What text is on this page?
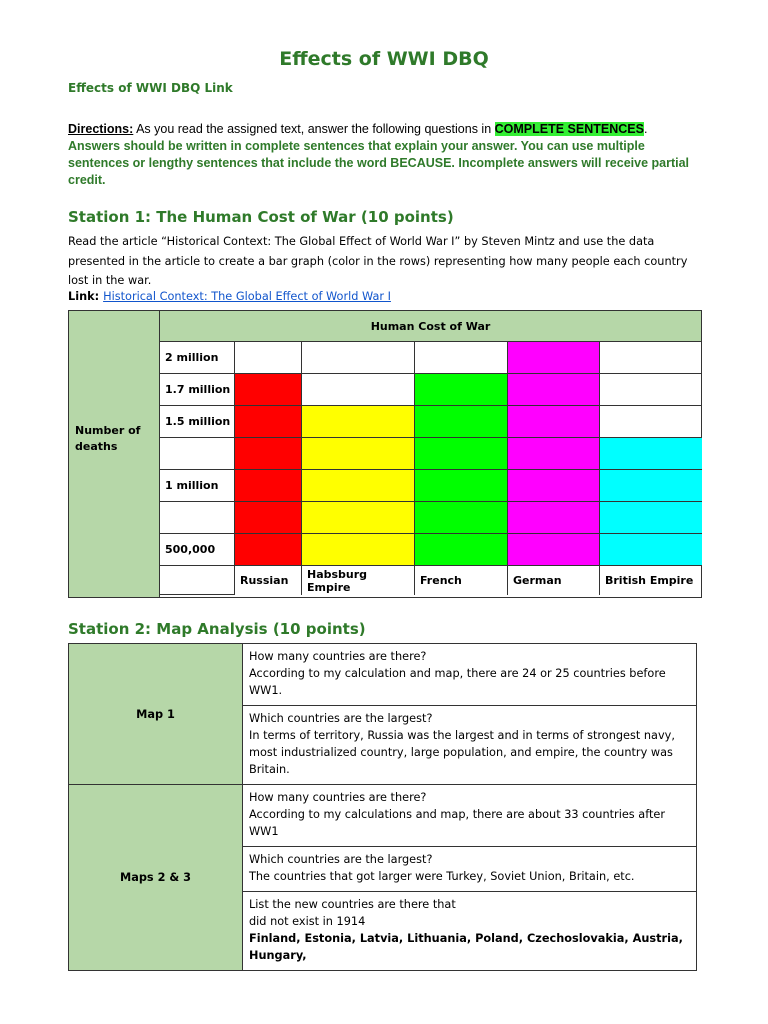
Effects of WWI DBQ
Effects of WWI DBQ Link
Directions: As you read the assigned text, answer the following questions in COMPLETE SENTENCES.
Answers should be written in complete sentences that explain your answer. You can use multiple sentences or lengthy sentences that include the word BECAUSE. Incomplete answers will receive partial credit.
Station 1: The Human Cost of War (10 points)
Read the article “Historical Context: The Global Effect of World War I” by Steven Mintz and use the data presented in the article to create a bar graph (color in the rows) representing how many people each country lost in the war.
Link: Historical Context: The Global Effect of World War I
Number of deaths
Human Cost of War
2 million
1.7 million
1.5 million
1 million
500,000
Russian	Habsburg Empire	French	German	British Empire
Station 2: Map Analysis (10 points)
Map 1	How many countries are there?
According to my calculation and map, there are 24 or 25 countries before WW1.

	Which countries are the largest?
In terms of territory, Russia was the largest and in terms of strongest navy, most industrialized country, large population, and empire, the country was Britain.

Maps 2 & 3	How many countries are there?
According to my calculations and map, there are about 33 countries after WW1

	Which countries are the largest?
The countries that got larger were Turkey, Soviet Union, Britain, etc.

	List the new countries are there that did not exist in 1914
Finland, Estonia, Latvia, Lithuania, Poland, Czechoslovakia, Austria, Hungary,
